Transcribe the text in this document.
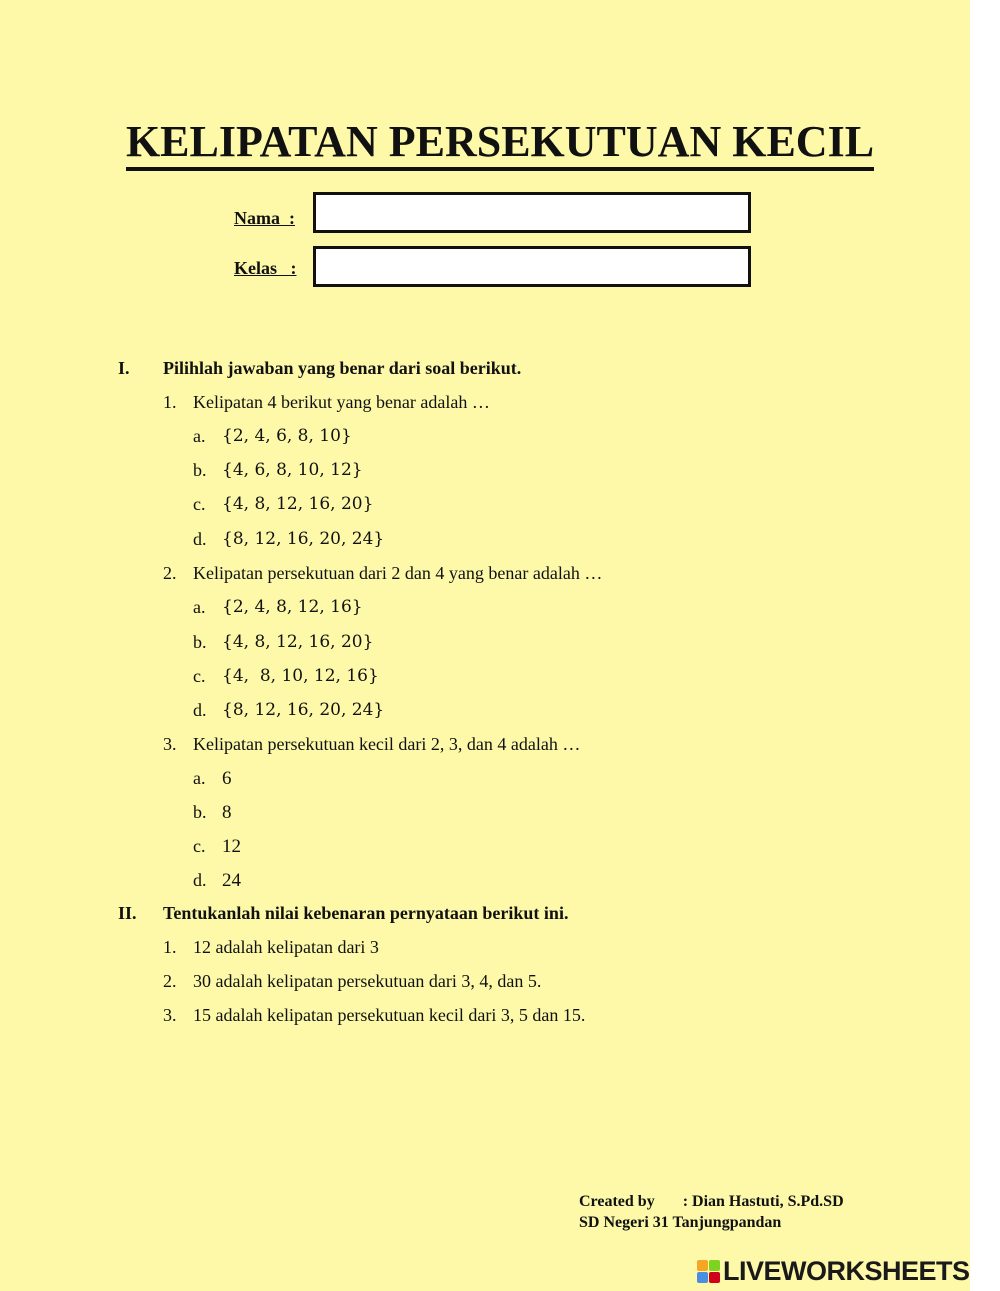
KELIPATAN PERSEKUTUAN KECIL
Nama  :
Kelas   :
I. Pilihlah jawaban yang benar dari soal berikut.
1. Kelipatan 4 berikut yang benar adalah …
a. {2, 4, 6, 8, 10}
b. {4, 6, 8, 10, 12}
c. {4, 8, 12, 16, 20}
d. {8, 12, 16, 20, 24}
2. Kelipatan persekutuan dari 2 dan 4 yang benar adalah …
a. {2, 4, 8, 12, 16}
b. {4, 8, 12, 16, 20}
c. {4,  8, 10, 12, 16}
d. {8, 12, 16, 20, 24}
3. Kelipatan persekutuan kecil dari 2, 3, dan 4 adalah …
a. 6
b. 8
c. 12
d. 24
II. Tentukanlah nilai kebenaran pernyataan berikut ini.
1. 12 adalah kelipatan dari 3
2. 30 adalah kelipatan persekutuan dari 3, 4, dan 5.
3. 15 adalah kelipatan persekutuan kecil dari 3, 5 dan 15.
Created by       : Dian Hastuti, S.Pd.SD
SD Negeri 31 Tanjungpandan
LIVEWORKSHEETS
